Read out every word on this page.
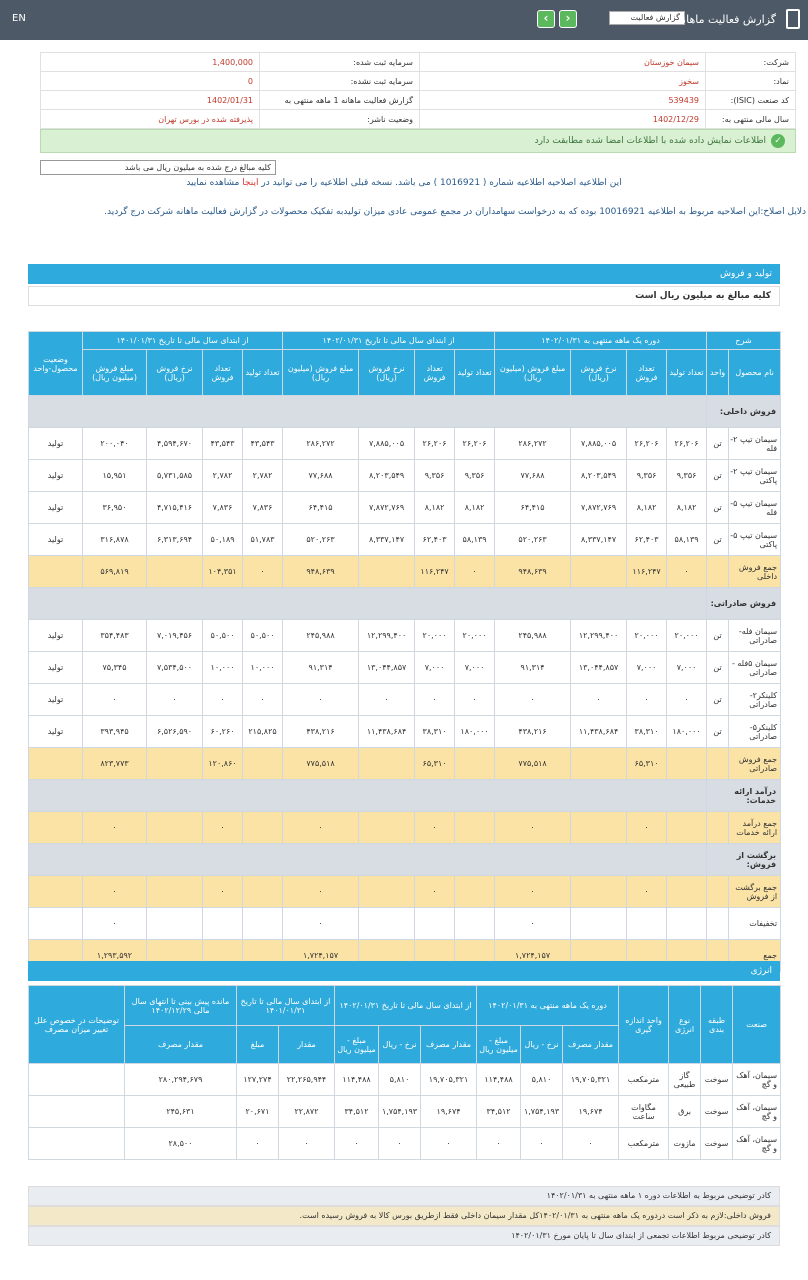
EN	‹	›	گزارش فعالیت
گزارش فعالیت ماهانه
شرکت:	سیمان خوزستان	سرمایه ثبت شده:	1,400,000
نماد:	سخوز	سرمایه ثبت نشده:	0
کد صنعت (ISIC):	539439	گزارش فعالیت ماهانه 1 ماهه منتهی به	1402/01/31
سال مالی منتهی به:	1402/12/29	وضعیت ناشر:	پذیرفته شده در بورس تهران
✓اطلاعات نمایش داده شده با اطلاعات امضا شده مطابقت دارد
کلیه مبالغ درج شده به میلیون ریال می باشد
این اطلاعیه اصلاحیه اطلاعیه شماره ( 1016921 ) می باشد. نسخه قبلی اطلاعیه را می توانید در اینجا مشاهده نمایید
دلایل اصلاح:این اصلاحیه مربوط به اطلاعیه 10016921 بوده که به درخواست سهامداران در مجمع عمومی عادی میزان تولیدبه تفکیک محصولات در گزارش فعالیت ماهانه شرکت درج گردید.
تولید و فروش
کلیه مبالغ به میلیون ریال است
شرح		دوره یک ماهه منتهی به ۱۴۰۲/۰۱/۳۱				از ابتدای سال مالی تا تاریخ ۱۴۰۲/۰۱/۳۱				از ابتدای سال مالی تا تاریخ ۱۴۰۱/۰۱/۳۱				وضعیت محصول-واحد
نام محصول	واحد	تعداد تولید	تعداد فروش	نرخ فروش (ریال)	مبلغ فروش (میلیون ریال)	تعداد تولید	تعداد فروش	نرخ فروش (ریال)	مبلغ فروش (میلیون ریال)	تعداد تولید	تعداد فروش	نرخ فروش (ریال)	مبلغ فروش (میلیون ریال)	
فروش داخلی:														
سیمان تیپ ۲- فله	تن	۲۶,۲۰۶	۲۶,۲۰۶	۷,۸۸۵,۰۰۵	۲۸۶,۲۷۲	۲۶,۲۰۶	۲۶,۲۰۶	۷,۸۸۵,۰۰۵	۲۸۶,۲۷۲	۴۳,۵۴۳	۴۳,۵۴۳	۴,۵۹۴,۶۷۰	۲۰۰,۰۴۰	تولید
سیمان تیپ ۲- پاکتی	تن	۹,۳۵۶	۹,۳۵۶	۸,۲۰۳,۵۴۹	۷۷,۶۸۸	۹,۳۵۶	۹,۳۵۶	۸,۲۰۳,۵۴۹	۷۷,۶۸۸	۲,۷۸۲	۲,۷۸۲	۵,۷۳۱,۵۸۵	۱۵,۹۵۱	تولید
سیمان تیپ ۵- فله	تن	۸,۱۸۲	۸,۱۸۲	۷,۸۷۲,۷۶۹	۶۴,۴۱۵	۸,۱۸۲	۸,۱۸۲	۷,۸۷۲,۷۶۹	۶۴,۴۱۵	۷,۸۳۶	۷,۸۳۶	۴,۷۱۵,۴۱۶	۳۶,۹۵۰	تولید
سیمان تیپ ۵- پاکتی	تن	۵۸,۱۳۹	۶۲,۴۰۳	۸,۳۳۷,۱۴۷	۵۲۰,۲۶۳	۵۸,۱۳۹	۶۲,۴۰۳	۸,۳۳۷,۱۴۷	۵۲۰,۲۶۳	۵۱,۷۸۳	۵۰,۱۸۹	۶,۳۱۳,۶۹۴	۳۱۶,۸۷۸	تولید
جمع فروش داخلی		۰	۱۱۶,۲۴۷		۹۴۸,۶۳۹	۰	۱۱۶,۲۴۷		۹۴۸,۶۳۹	۰	۱۰۴,۳۵۱		۵۶۹,۸۱۹	
فروش صادراتی:														
سیمان فله- صادراتی	تن	۲۰,۰۰۰	۲۰,۰۰۰	۱۲,۲۹۹,۴۰۰	۲۴۵,۹۸۸	۲۰,۰۰۰	۲۰,۰۰۰	۱۲,۲۹۹,۴۰۰	۲۴۵,۹۸۸	۵۰,۵۰۰	۵۰,۵۰۰	۷,۰۱۹,۴۵۶	۳۵۴,۴۸۳	تولید
سیمان ۵فله - صادراتی	تن	۷,۰۰۰	۷,۰۰۰	۱۳,۰۴۴,۸۵۷	۹۱,۳۱۴	۷,۰۰۰	۷,۰۰۰	۱۳,۰۴۴,۸۵۷	۹۱,۳۱۴	۱۰,۰۰۰	۱۰,۰۰۰	۷,۵۳۴,۵۰۰	۷۵,۳۴۵	تولید
کلینکر۲- صادراتی	تن	۰	۰	۰	۰	۰	۰	۰	۰	۰	۰	۰	۰	تولید
کلینکر۵- صادراتی	تن	۱۸۰,۰۰۰	۳۸,۳۱۰	۱۱,۴۳۸,۶۸۴	۴۳۸,۲۱۶	۱۸۰,۰۰۰	۳۸,۳۱۰	۱۱,۴۳۸,۶۸۴	۴۳۸,۲۱۶	۲۱۵,۸۲۵	۶۰,۲۶۰	۶,۵۲۶,۵۹۰	۳۹۳,۹۴۵	تولید
جمع فروش صادراتی			۶۵,۳۱۰		۷۷۵,۵۱۸		۶۵,۳۱۰		۷۷۵,۵۱۸		۱۲۰,۸۶۰		۸۲۳,۷۷۳	
درآمد ارائه خدمات:														
جمع درآمد ارائه خدمات			۰		۰		۰		۰		۰		۰	
برگشت از فروش:														
جمع برگشت از فروش			۰		۰		۰		۰		۰		۰	
تخفیفات					۰				۰				۰	
جمع					۱,۷۲۴,۱۵۷				۱,۷۲۴,۱۵۷				۱,۲۹۳,۵۹۲	
انرژی
صنعت	طبقه بندی	نوع انرژی	واحد اندازه گیری	دوره یک ماهه منتهی به ۱۴۰۲/۰۱/۳۱			از ابتدای سال مالی تا تاریخ ۱۴۰۲/۰۱/۳۱			از ابتدای سال مالی تا تاریخ ۱۴۰۱/۰۱/۳۱		مانده پیش بینی تا انتهای سال مالی ۱۴۰۲/۱۲/۲۹	توضیحات در خصوص علل تغییر میزان مصرف
				مقدار مصرف	نرخ - ریال	مبلغ - میلیون ریال	مقدار مصرف	نرخ - ریال	مبلغ - میلیون ریال	مقدار	مبلغ	مقدار مصرف	
سیمان، آهک و گچ	سوخت	گاز طبیعی	مترمکعب	۱۹,۷۰۵,۳۲۱	۵,۸۱۰	۱۱۴,۴۸۸	۱۹,۷۰۵,۳۲۱	۵,۸۱۰	۱۱۴,۴۸۸	۲۲,۲۶۵,۹۴۴	۱۲۷,۲۷۴	۲۸۰,۲۹۴,۶۷۹	
سیمان، آهک و گچ	سوخت	برق	مگاوات ساعت	۱۹,۶۷۴	۱,۷۵۴,۱۹۳	۳۴,۵۱۲	۱۹,۶۷۴	۱,۷۵۴,۱۹۳	۳۴,۵۱۲	۲۲,۸۷۲	۲۰,۶۷۱	۲۴۵,۶۳۱	
سیمان، آهک و گچ	سوخت	مازوت	مترمکعب	۰	۰	۰	۰	۰	۰	۰	۰	۲۸,۵۰۰	
کادر توضیحی مربوط به اطلاعات دوره ۱ ماهه منتهی به ۱۴۰۲/۰۱/۳۱
فروش داخلی:لازم به ذکر است دردوره یک ماهه منتهی به ۱۴۰۲/۰۱/۳۱کل مقدار سیمان داخلی فقط ازطریق بورس کالا به فروش رسیده است.
کادر توضیحی مربوط اطلاعات تجمعی از ابتدای سال تا پایان مورخ ۱۴۰۲/۰۱/۳۱
